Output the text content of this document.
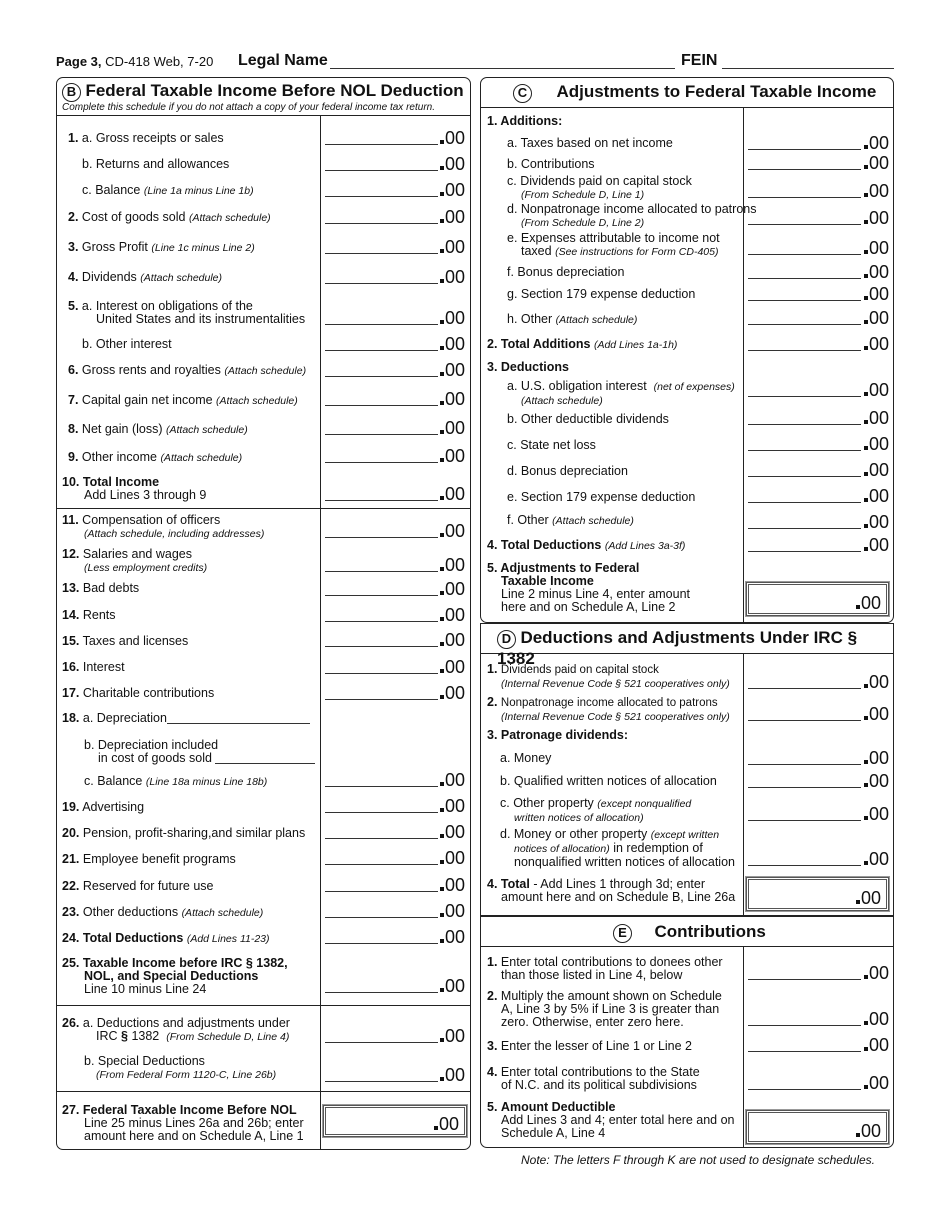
Page 3, CD-418 Web, 7-20 Legal Name	FEIN
B Federal Taxable Income Before NOL Deduction
Complete this schedule if you do not attach a copy of your federal income tax return.
C Adjustments to Federal Taxable Income
D Deductions and Adjustments Under IRC § 1382
E Contributions
1. a. Gross receipts or sales
b. Returns and allowances
c. Balance (Line 1a minus Line 1b)
2. Cost of goods sold (Attach schedule)
3. Gross Profit (Line 1c minus Line 2)
4. Dividends (Attach schedule)
5. a. Interest on obligations of the
United States and its instrumentalities
b. Other interest
6. Gross rents and royalties (Attach schedule)
7. Capital gain net income (Attach schedule)
8. Net gain (loss) (Attach schedule)
9. Other income (Attach schedule)
10. Total Income
Add Lines 3 through 9
11. Compensation of officers
(Attach schedule, including addresses)
12. Salaries and wages
(Less employment credits)
13. Bad debts
14. Rents
15. Taxes and licenses
16. Interest
17. Charitable contributions
18. a. Depreciation
b. Depreciation included
in cost of goods sold
c. Balance (Line 18a minus Line 18b)
19. Advertising
20. Pension, profit-sharing,and similar plans
21. Employee benefit programs
22. Reserved for future use
23. Other deductions (Attach schedule)
24. Total Deductions (Add Lines 11-23)
25. Taxable Income before IRC § 1382,
NOL, and Special Deductions
Line 10 minus Line 24
26. a. Deductions and adjustments under
IRC § 1382 (From Schedule D, Line 4)
b. Special Deductions
(From Federal Form 1120-C, Line 26b)
27. Federal Taxable Income Before NOL
Line 25 minus Lines 26a and 26b; enter
amount here and on Schedule A, Line 1
00
00
00
00
00
00
00
00
00
00
00
00
00
00
00
00
00
00
00
00
00
00
00
00
00
00
00
00
00
00
00
1. Additions:
a. Taxes based on net income
b. Contributions
c. Dividends paid on capital stock
(From Schedule D, Line 1)
d. Nonpatronage income allocated to patrons
(From Schedule D, Line 2)
e. Expenses attributable to income not
taxed (See instructions for Form CD-405)
f. Bonus depreciation
g. Section 179 expense deduction
h. Other (Attach schedule)
2. Total Additions (Add Lines 1a-1h)
3. Deductions
a. U.S. obligation interest (net of expenses)
(Attach schedule)
b. Other deductible dividends
c. State net loss
d. Bonus depreciation
e. Section 179 expense deduction
f. Other (Attach schedule)
4. Total Deductions (Add Lines 3a-3f)
5. Adjustments to Federal
Taxable Income
Line 2 minus Line 4, enter amount
here and on Schedule A, Line 2
00
00
00
00
00
00
00
00
00
00
00
00
00
00
00
00
00
1. Dividends paid on capital stock
(Internal Revenue Code § 521 cooperatives only)
2. Nonpatronage income allocated to patrons
(Internal Revenue Code § 521 cooperatives only)
3. Patronage dividends:
a. Money
b. Qualified written notices of allocation
c. Other property (except nonqualified
written notices of allocation)
d. Money or other property (except written
notices of allocation) in redemption of
nonqualified written notices of allocation
4. Total - Add Lines 1 through 3d; enter
amount here and on Schedule B, Line 26a
00
00
00
00
00
00
00
1. Enter total contributions to donees other
than those listed in Line 4, below
2. Multiply the amount shown on Schedule
A, Line 3 by 5% if Line 3 is greater than
zero. Otherwise, enter zero here.
3. Enter the lesser of Line 1 or Line 2
4. Enter total contributions to the State
of N.C. and its political subdivisions
5. Amount Deductible
Add Lines 3 and 4; enter total here and on
Schedule A, Line 4
00
00
00
00
00
Note: The letters F through K are not used to designate schedules.
